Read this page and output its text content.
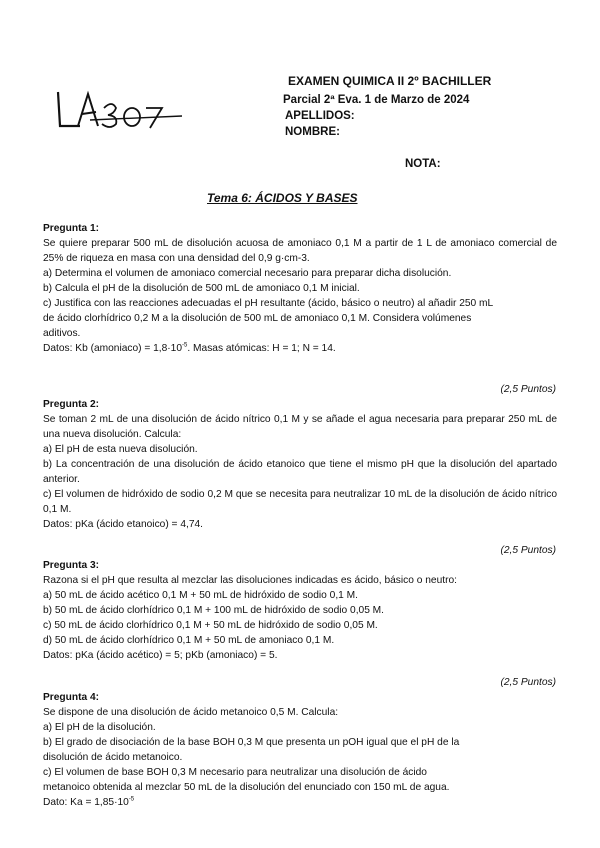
EXAMEN QUIMICA II 2º BACHILLER
Parcial 2ª Eva. 1 de Marzo de 2024
APELLIDOS:
NOMBRE:
NOTA:
Tema 6: ÁCIDOS Y BASES

Pregunta 1:

Se quiere preparar 500 mL de disolución acuosa de amoniaco 0,1 M a partir de 1 L de amoniaco comercial de 25% de riqueza en masa con una densidad del 0,9 g·cm-3.

a) Determina el volumen de amoniaco comercial necesario para preparar dicha disolución.

b) Calcula el pH de la disolución de 500 mL de amoniaco 0,1 M inicial.

c) Justifica con las reacciones adecuadas el pH resultante (ácido, básico o neutro) al añadir 250 mL de ácido clorhídrico 0,2 M a la disolución de 500 mL de amoniaco 0,1 M. Considera volúmenes aditivos.

Datos: Kb (amoniaco) = $1,8\cdot 10^{-5}$. Masas atómicas: H = 1; N = 14.

(2,5 Puntos)

Pregunta 2:

Se toman 2 mL de una disolución de ácido nítrico 0,1 M y se añade el agua necesaria para preparar 250 mL de una nueva disolución. Calcula:

a) El pH de esta nueva disolución.

b) La concentración de una disolución de ácido etanoico que tiene el mismo pH que la disolución del apartado anterior.

c) El volumen de hidróxido de sodio 0,2 M que se necesita para neutralizar 10 mL de la disolución de ácido nítrico 0,1 M.

Datos: pKa (ácido etanoico) = 4,74.

(2,5 Puntos)

Pregunta 3:

Razona si el pH que resulta al mezclar las disoluciones indicadas es ácido, básico o neutro:

a) 50 mL de ácido acético 0,1 M + 50 mL de hidróxido de sodio 0,1 M.

b) 50 mL de ácido clorhídrico 0,1 M + 100 mL de hidróxido de sodio 0,05 M.

c) 50 mL de ácido clorhídrico 0,1 M + 50 mL de hidróxido de sodio 0,05 M.

d) 50 mL de ácido clorhídrico 0,1 M + 50 mL de amoniaco 0,1 M.

Datos: pKa (ácido acético) = 5; pKb (amoniaco) = 5.

(2,5 Puntos)

Pregunta 4:

Se dispone de una disolución de ácido metanoico 0,5 M. Calcula:

a) El pH de la disolución.

b) El grado de disociación de la base BOH 0,3 M que presenta un pOH igual que el pH de la disolución de ácido metanoico.

c) El volumen de base BOH 0,3 M necesario para neutralizar una disolución de ácido metanoico obtenida al mezclar 50 mL de la disolución del enunciado con 150 mL de agua.

Dato: $Ka = 1,85\cdot 10^{-5}$
